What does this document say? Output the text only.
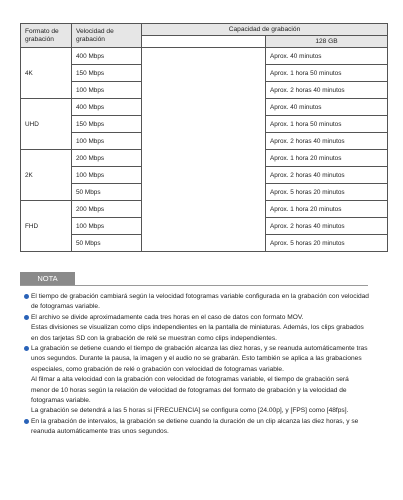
Formato de grabación	Velocidad de grabación	Capacidad de grabación	
			128 GB
4K	400 Mbps		Aprox. 40 minutos
	150 Mbps		Aprox. 1 hora 50 minutos
	100 Mbps		Aprox. 2 horas 40 minutos
UHD	400 Mbps		Aprox. 40 minutos
	150 Mbps		Aprox. 1 hora 50 minutos
	100 Mbps		Aprox. 2 horas 40 minutos
2K	200 Mbps		Aprox. 1 hora 20 minutos
	100 Mbps		Aprox. 2 horas 40 minutos
	50 Mbps		Aprox. 5 horas 20 minutos
FHD	200 Mbps		Aprox. 1 hora 20 minutos
	100 Mbps		Aprox. 2 horas 40 minutos
	50 Mbps		Aprox. 5 horas 20 minutos
NOTA
El tiempo de grabación cambiará según la velocidad fotogramas variable configurada en la grabación con velocidad de fotogramas variable.
El archivo se divide aproximadamente cada tres horas en el caso de datos con formato MOV.
Estas divisiones se visualizan como clips independientes en la pantalla de miniaturas. Además, los clips grabados en dos tarjetas SD con la grabación de relé se muestran como clips independientes.
La grabación se detiene cuando el tiempo de grabación alcanza las diez horas, y se reanuda automáticamente tras unos segundos. Durante la pausa, la imagen y el audio no se grabarán. Esto también se aplica a las grabaciones especiales, como grabación de relé o grabación con velocidad de fotogramas variable.
Al filmar a alta velocidad con la grabación con velocidad de fotogramas variable, el tiempo de grabación será menor de 10 horas según la relación de velocidad de fotogramas del formato de grabación y la velocidad de fotogramas variable.
La grabación se detendrá a las 5 horas si [FRECUENCIA] se configura como [24.00p], y [FPS] como [48fps].
En la grabación de intervalos, la grabación se detiene cuando la duración de un clip alcanza las diez horas, y se reanuda automáticamente tras unos segundos.
